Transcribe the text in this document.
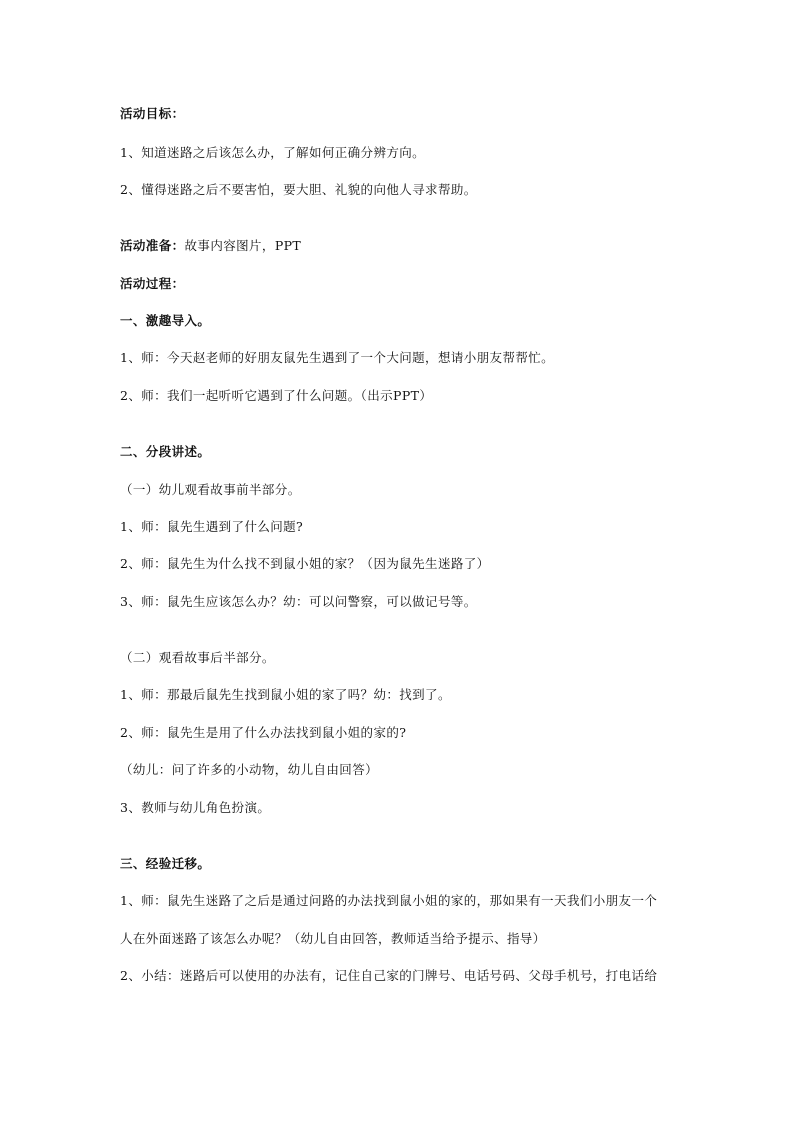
活动目标：
1、知道迷路之后该怎么办，了解如何正确分辨方向。
2、懂得迷路之后不要害怕，要大胆、礼貌的向他人寻求帮助。
活动准备：故事内容图片，PPT
活动过程：
一、激趣导入。
1、师：今天赵老师的好朋友鼠先生遇到了一个大问题，想请小朋友帮帮忙。
2、师：我们一起听听它遇到了什么问题。（出示PPT）
二、分段讲述。
（一）幼儿观看故事前半部分。
1、师：鼠先生遇到了什么问题?
2、师：鼠先生为什么找不到鼠小姐的家？（因为鼠先生迷路了）
3、师：鼠先生应该怎么办？幼：可以问警察，可以做记号等。
（二）观看故事后半部分。
1、师：那最后鼠先生找到鼠小姐的家了吗？幼：找到了。
2、师：鼠先生是用了什么办法找到鼠小姐的家的?
（幼儿：问了许多的小动物，幼儿自由回答）
3、教师与幼儿角色扮演。
三、经验迁移。
1、师：鼠先生迷路了之后是通过问路的办法找到鼠小姐的家的，那如果有一天我们小朋友一个
人在外面迷路了该怎么办呢？（幼儿自由回答，教师适当给予提示、指导）
2、小结：迷路后可以使用的办法有，记住自己家的门牌号、电话号码、父母手机号，打电话给
